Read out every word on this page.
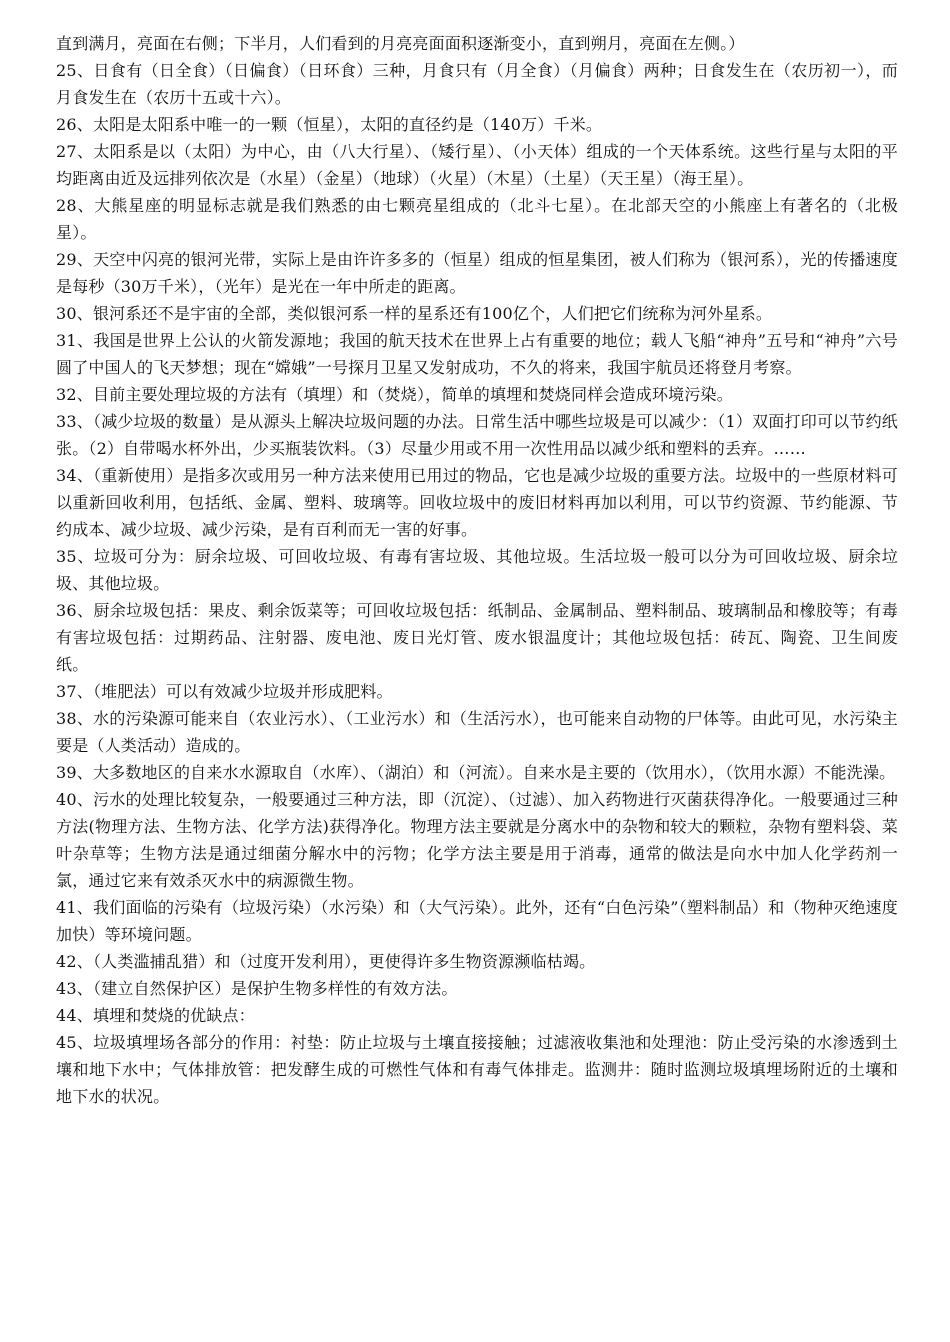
直到满月，亮面在右侧；下半月，人们看到的月亮亮面面积逐渐变小，直到朔月，亮面在左侧。）

25、日食有（日全食）（日偏食）（日环食）三种，月食只有（月全食）（月偏食）两种；日食发生在（农历初一），而月食发生在（农历十五或十六）。

26、太阳是太阳系中唯一的一颗（恒星），太阳的直径约是（140万）千米。

27、太阳系是以（太阳）为中心，由（八大行星）、（矮行星）、（小天体）组成的一个天体系统。这些行星与太阳的平均距离由近及远排列依次是（水星）（金星）（地球）（火星）（木星）（土星）（天王星）（海王星）。

28、大熊星座的明显标志就是我们熟悉的由七颗亮星组成的（北斗七星）。在北部天空的小熊座上有著名的（北极星）。

29、天空中闪亮的银河光带，实际上是由许许多多的（恒星）组成的恒星集团，被人们称为（银河系），光的传播速度是每秒（30万千米），（光年）是光在一年中所走的距离。

30、银河系还不是宇宙的全部，类似银河系一样的星系还有100亿个，人们把它们统称为河外星系。

31、我国是世界上公认的火箭发源地；我国的航天技术在世界上占有重要的地位；载人飞船“神舟”五号和“神舟”六号圆了中国人的飞天梦想；现在“嫦娥”一号探月卫星又发射成功，不久的将来，我国宇航员还将登月考察。

32、目前主要处理垃圾的方法有（填埋）和（焚烧），简单的填埋和焚烧同样会造成环境污染。

33、（减少垃圾的数量）是从源头上解决垃圾问题的办法。日常生活中哪些垃圾是可以减少：（1）双面打印可以节约纸张。（2）自带喝水杯外出，少买瓶装饮料。（3）尽量少用或不用一次性用品以减少纸和塑料的丢弃。……

34、（重新使用）是指多次或用另一种方法来使用已用过的物品，它也是减少垃圾的重要方法。垃圾中的一些原材料可以重新回收利用，包括纸、金属、塑料、玻璃等。回收垃圾中的废旧材料再加以利用，可以节约资源、节约能源、节约成本、减少垃圾、减少污染，是有百利而无一害的好事。

35、垃圾可分为：厨余垃圾、可回收垃圾、有毒有害垃圾、其他垃圾。生活垃圾一般可以分为可回收垃圾、厨余垃圾、其他垃圾。

36、厨余垃圾包括：果皮、剩余饭菜等；可回收垃圾包括：纸制品、金属制品、塑料制品、玻璃制品和橡胶等；有毒有害垃圾包括：过期药品、注射器、废电池、废日光灯管、废水银温度计；其他垃圾包括：砖瓦、陶瓷、卫生间废纸。

37、（堆肥法）可以有效减少垃圾并形成肥料。

38、水的污染源可能来自（农业污水）、（工业污水）和（生活污水），也可能来自动物的尸体等。由此可见，水污染主要是（人类活动）造成的。

39、大多数地区的自来水水源取自（水库）、（湖泊）和（河流）。自来水是主要的（饮用水），（饮用水源）不能洗澡。

40、污水的处理比较复杂，一般要通过三种方法，即（沉淀）、（过滤）、加入药物进行灭菌获得净化。一般要通过三种方法(物理方法、生物方法、化学方法)获得净化。物理方法主要就是分离水中的杂物和较大的颗粒，杂物有塑料袋、菜叶杂草等；生物方法是通过细菌分解水中的污物；化学方法主要是用于消毒，通常的做法是向水中加人化学药剂一氯，通过它来有效杀灭水中的病源微生物。

41、我们面临的污染有（垃圾污染）（水污染）和（大气污染）。此外，还有“白色污染”（塑料制品）和（物种灭绝速度加快）等环境问题。

42、（人类滥捕乱猎）和（过度开发利用），更使得许多生物资源濒临枯竭。

43、（建立自然保护区）是保护生物多样性的有效方法。

44、填埋和焚烧的优缺点：

45、垃圾填埋场各部分的作用：衬垫：防止垃圾与土壤直接接触；过滤液收集池和处理池：防止受污染的水渗透到土壤和地下水中；气体排放管：把发酵生成的可燃性气体和有毒气体排走。监测井：随时监测垃圾填埋场附近的土壤和地下水的状况。
